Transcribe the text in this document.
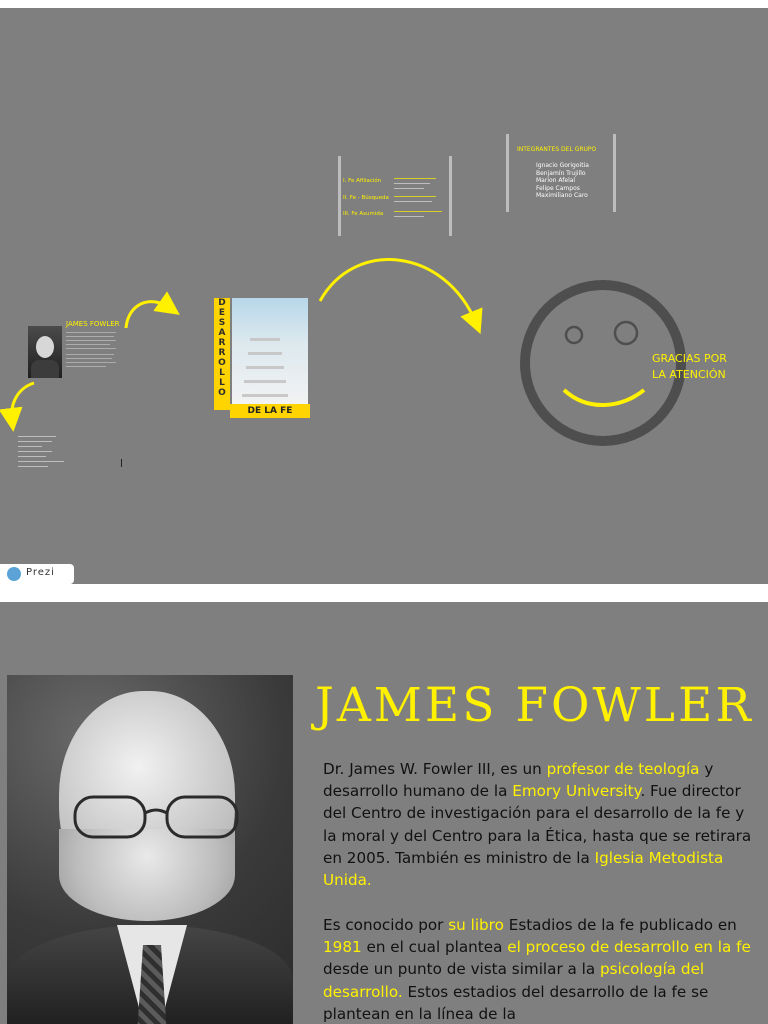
JAMES FOWLER
D
E
S
A
R
R
O
L
L
O
DE LA FE
I. Fe Afiliación
II. Fe - Búsqueda
III. Fe Asumida
INTEGRANTES DEL GRUPO
Ignacio Gorigoitia
Benjamín Trujillo
Marion Afelal
Felipe Campos
Maximiliano Caro
GRACIAS POR
LA ATENCIÓN
Prezi
JAMES FOWLER

Dr. James W. Fowler III, es un profesor de teología y desarrollo humano de la Emory University. Fue director del Centro de investigación para el desarrollo de la fe y la moral y del Centro para la Ética, hasta que se retirara en 2005. También es ministro de la Iglesia Metodista Unida.

Es conocido por su libro Estadios de la fe publicado en 1981 en el cual plantea el proceso de desarrollo en la fe desde un punto de vista similar a la psicología del desarrollo. Estos estadios del desarrollo de la fe se plantean en la línea de la
